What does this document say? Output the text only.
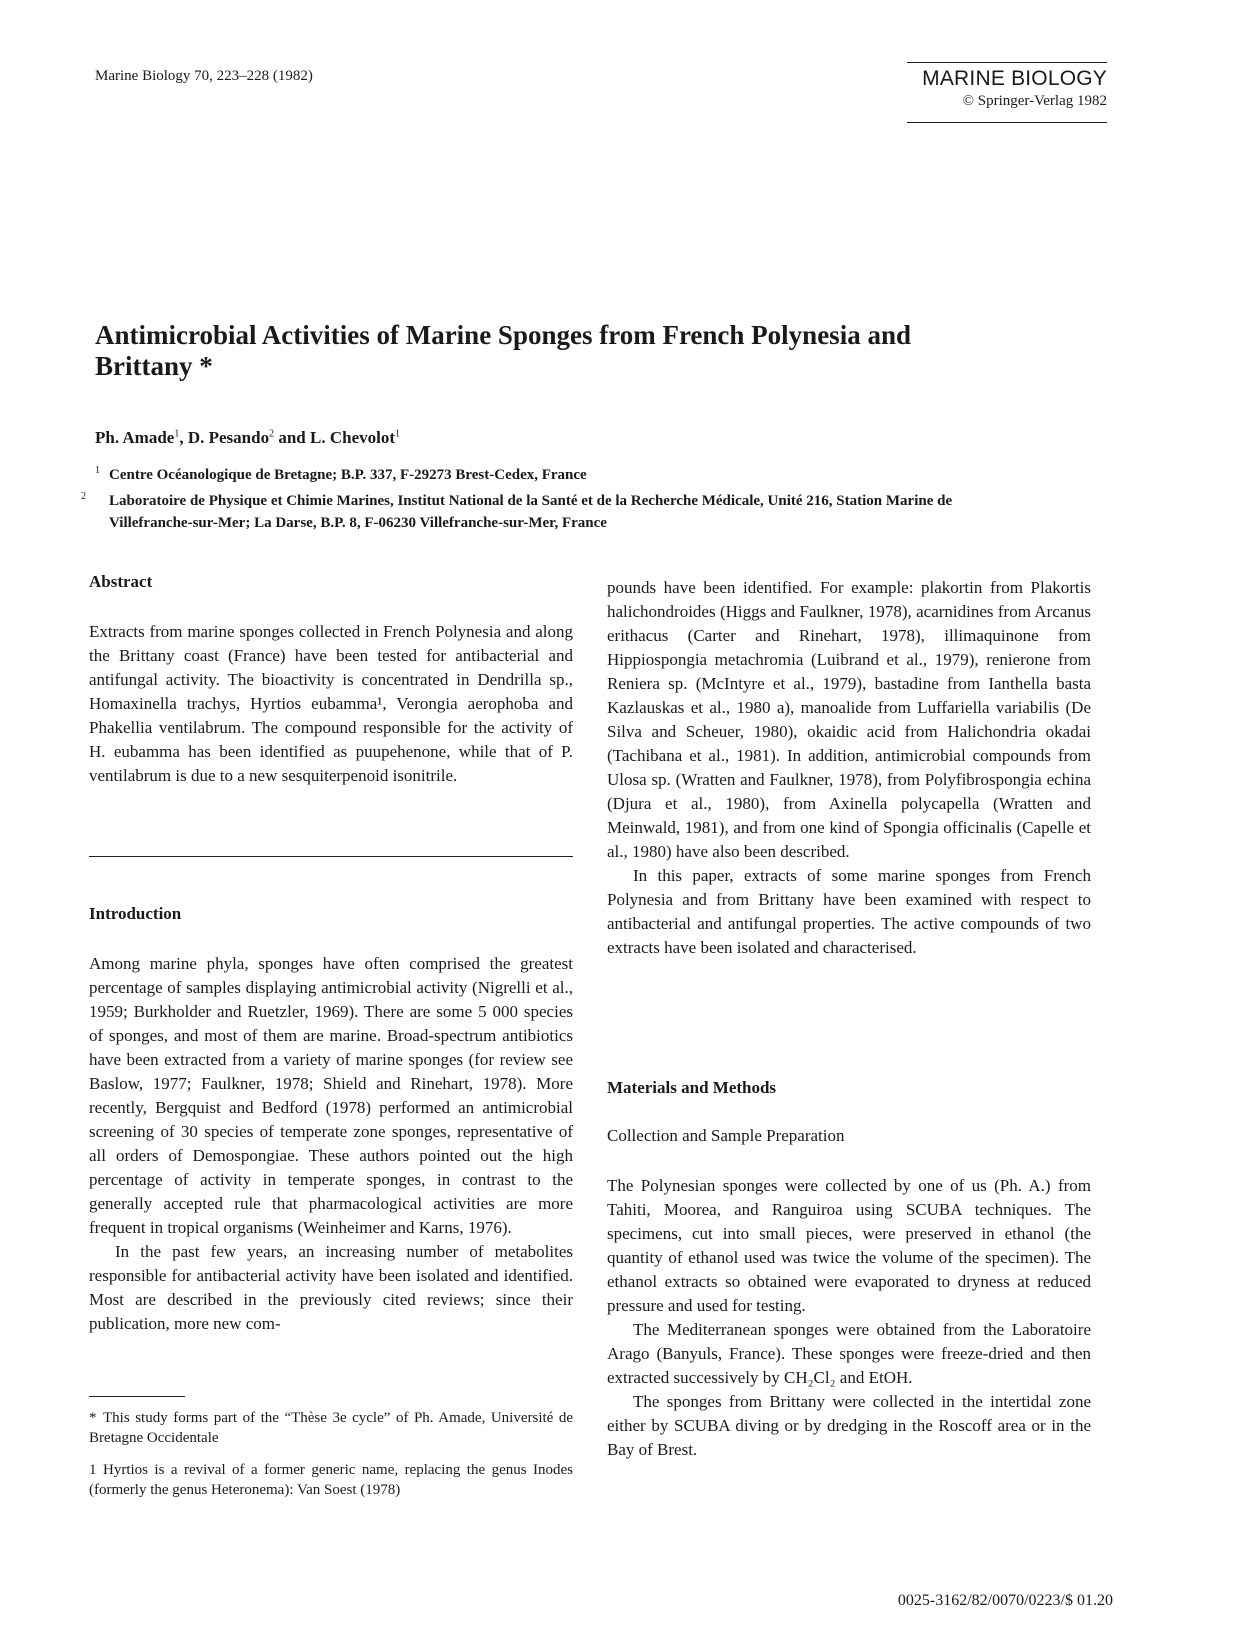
Marine Biology 70, 223–228 (1982)	MARINE BIOLOGY
© Springer-Verlag 1982
Antimicrobial Activities of Marine Sponges from French Polynesia and Brittany *
Ph. Amade$^1$, D. Pesando$^2$ and L. Chevolot$^1$
1 Centre Océanologique de Bretagne; B.P. 337, F-29273 Brest-Cedex, France
2 Laboratoire de Physique et Chimie Marines, Institut National de la Santé et de la Recherche Médicale, Unité 216, Station Marine de Villefranche-sur-Mer; La Darse, B.P. 8, F-06230 Villefranche-sur-Mer, France
Abstract

Extracts from marine sponges collected in French Polynesia and along the Brittany coast (France) have been tested for antibacterial and antifungal activity. The bioactivity is concentrated in Dendrilla sp., Homaxinella trachys, Hyrtios eubamma¹, Verongia aerophoba and Phakellia ventilabrum. The compound responsible for the activity of H. eubamma has been identified as puupehenone, while that of P. ventilabrum is due to a new sesquiterpenoid isonitrile.

Introduction

Among marine phyla, sponges have often comprised the greatest percentage of samples displaying antimicrobial activity (Nigrelli et al., 1959; Burkholder and Ruetzler, 1969). There are some 5 000 species of sponges, and most of them are marine. Broad-spectrum antibiotics have been extracted from a variety of marine sponges (for review see Baslow, 1977; Faulkner, 1978; Shield and Rinehart, 1978). More recently, Bergquist and Bedford (1978) performed an antimicrobial screening of 30 species of temperate zone sponges, representative of all orders of Demospongiae. These authors pointed out the high percentage of activity in temperate sponges, in contrast to the generally accepted rule that pharmacological activities are more frequent in tropical organisms (Weinheimer and Karns, 1976).

In the past few years, an increasing number of metabolites responsible for antibacterial activity have been isolated and identified. Most are described in the previously cited reviews; since their publication, more new com-

* This study forms part of the “Thèse 3e cycle” of Ph. Amade, Université de Bretagne Occidentale
1 Hyrtios is a revival of a former generic name, replacing the genus Inodes (formerly the genus Heteronema): Van Soest (1978)

pounds have been identified. For example: plakortin from Plakortis halichondroides (Higgs and Faulkner, 1978), acarnidines from Arcanus erithacus (Carter and Rinehart, 1978), illimaquinone from Hippiospongia metachromia (Luibrand et al., 1979), renierone from Reniera sp. (McIntyre et al., 1979), bastadine from Ianthella basta Kazlauskas et al., 1980 a), manoalide from Luffariella variabilis (De Silva and Scheuer, 1980), okaidic acid from Halichondria okadai (Tachibana et al., 1981). In addition, antimicrobial compounds from Ulosa sp. (Wratten and Faulkner, 1978), from Polyfibrospongia echina (Djura et al., 1980), from Axinella polycapella (Wratten and Meinwald, 1981), and from one kind of Spongia officinalis (Capelle et al., 1980) have also been described.

In this paper, extracts of some marine sponges from French Polynesia and from Brittany have been examined with respect to antibacterial and antifungal properties. The active compounds of two extracts have been isolated and characterised.

Materials and Methods
Collection and Sample Preparation

The Polynesian sponges were collected by one of us (Ph. A.) from Tahiti, Moorea, and Ranguiroa using SCUBA techniques. The specimens, cut into small pieces, were preserved in ethanol (the quantity of ethanol used was twice the volume of the specimen). The ethanol extracts so obtained were evaporated to dryness at reduced pressure and used for testing.

The Mediterranean sponges were obtained from the Laboratoire Arago (Banyuls, France). These sponges were freeze-dried and then extracted successively by CH₂Cl₂ and EtOH.

The sponges from Brittany were collected in the intertidal zone either by SCUBA diving or by dredging in the Roscoff area or in the Bay of Brest.

0025-3162/82/0070/0223/$ 01.20
